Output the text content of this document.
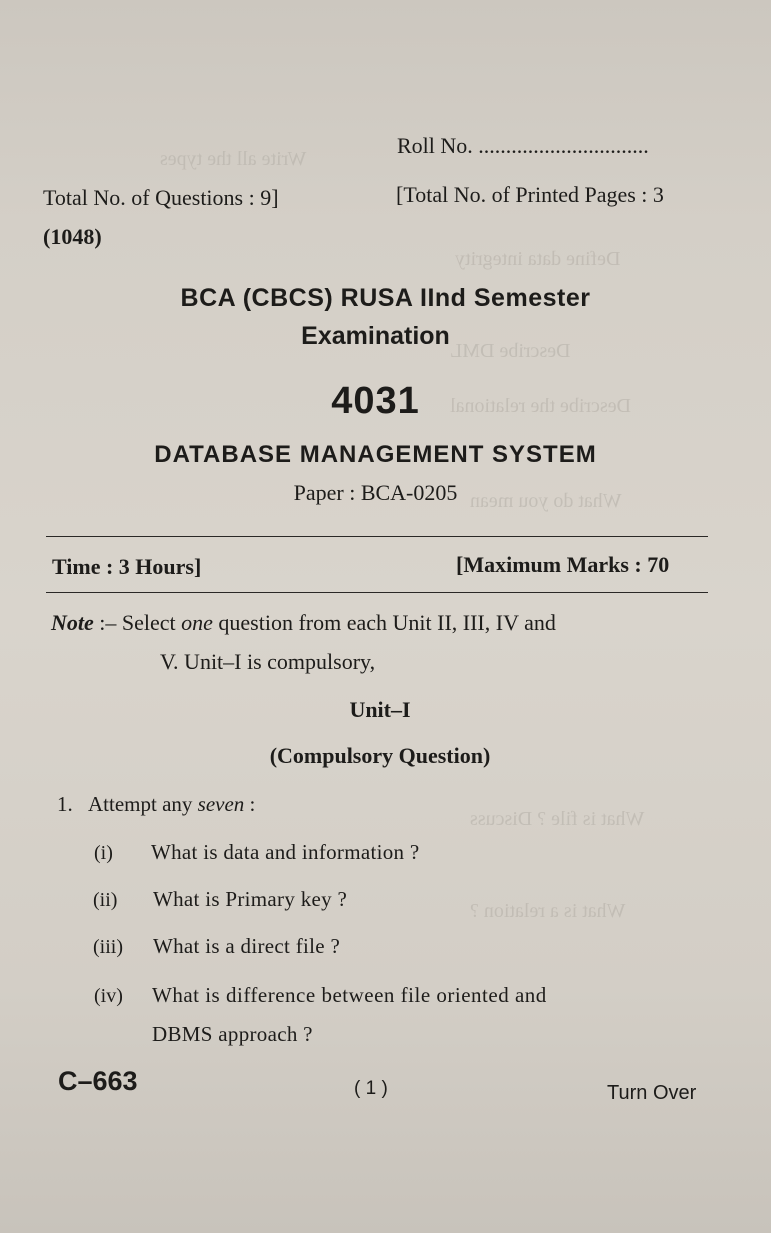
Write all the types
Define data integrity
Describe DML
Describe the relational
What do you mean
What is file ? Discuss
What is a relation ?
Roll No. ...............................
Total No. of Questions : 9]	[Total No. of Printed Pages : 3
(1048)
BCA (CBCS) RUSA IInd Semester
Examination
4031
DATABASE MANAGEMENT SYSTEM
Paper : BCA-0205
Time : 3 Hours]	[Maximum Marks : 70
Note :– Select one question from each Unit II, III, IV and
V. Unit–I is compulsory,
Unit–I
(Compulsory Question)
1. Attempt any seven :
(i) What is data and information ?
(ii) What is Primary key ?
(iii) What is a direct file ?
(iv) What is difference between file oriented and
DBMS approach ?
C–663	( 1 )	Turn Over
